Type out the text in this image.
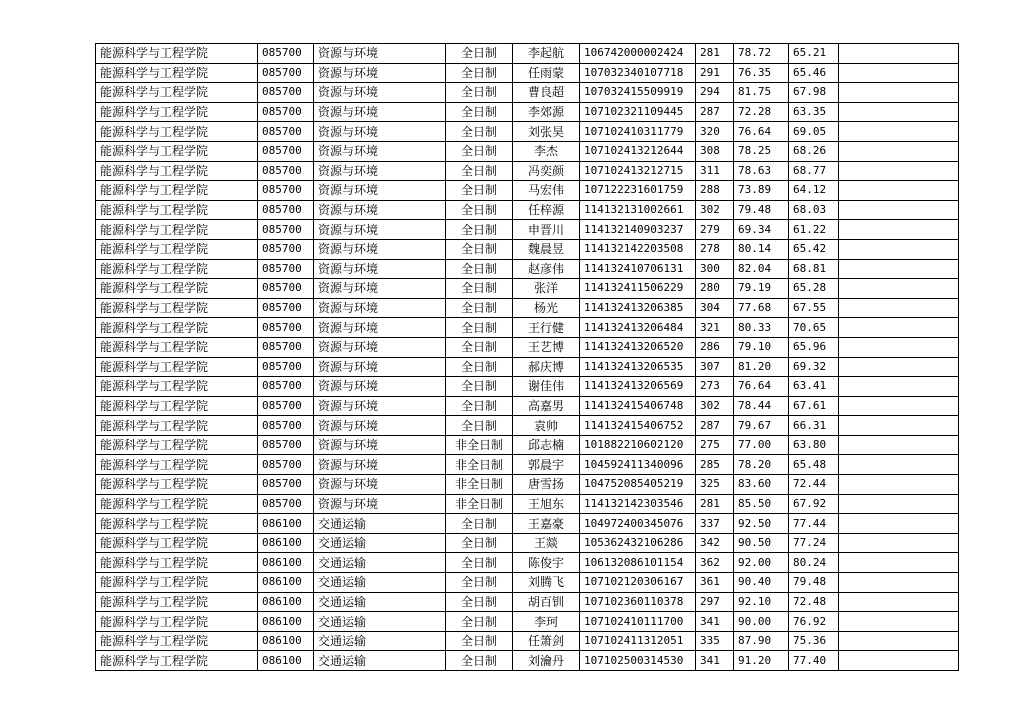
能源科学与工程学院	085700	资源与环境	全日制	李起航	106742000002424	281	78.72	65.21	
能源科学与工程学院	085700	资源与环境	全日制	任雨蒙	107032340107718	291	76.35	65.46	
能源科学与工程学院	085700	资源与环境	全日制	曹良超	107032415509919	294	81.75	67.98	
能源科学与工程学院	085700	资源与环境	全日制	李郊源	107102321109445	287	72.28	63.35	
能源科学与工程学院	085700	资源与环境	全日制	刘张昊	107102410311779	320	76.64	69.05	
能源科学与工程学院	085700	资源与环境	全日制	李杰	107102413212644	308	78.25	68.26	
能源科学与工程学院	085700	资源与环境	全日制	冯奕颜	107102413212715	311	78.63	68.77	
能源科学与工程学院	085700	资源与环境	全日制	马宏伟	107122231601759	288	73.89	64.12	
能源科学与工程学院	085700	资源与环境	全日制	任梓源	114132131002661	302	79.48	68.03	
能源科学与工程学院	085700	资源与环境	全日制	申晋川	114132140903237	279	69.34	61.22	
能源科学与工程学院	085700	资源与环境	全日制	魏晨昱	114132142203508	278	80.14	65.42	
能源科学与工程学院	085700	资源与环境	全日制	赵彦伟	114132410706131	300	82.04	68.81	
能源科学与工程学院	085700	资源与环境	全日制	张洋	114132411506229	280	79.19	65.28	
能源科学与工程学院	085700	资源与环境	全日制	杨光	114132413206385	304	77.68	67.55	
能源科学与工程学院	085700	资源与环境	全日制	王行健	114132413206484	321	80.33	70.65	
能源科学与工程学院	085700	资源与环境	全日制	王艺博	114132413206520	286	79.10	65.96	
能源科学与工程学院	085700	资源与环境	全日制	郝庆博	114132413206535	307	81.20	69.32	
能源科学与工程学院	085700	资源与环境	全日制	谢佳伟	114132413206569	273	76.64	63.41	
能源科学与工程学院	085700	资源与环境	全日制	高嘉男	114132415406748	302	78.44	67.61	
能源科学与工程学院	085700	资源与环境	全日制	袁帅	114132415406752	287	79.67	66.31	
能源科学与工程学院	085700	资源与环境	非全日制	邱志楠	101882210602120	275	77.00	63.80	
能源科学与工程学院	085700	资源与环境	非全日制	郭晨宇	104592411340096	285	78.20	65.48	
能源科学与工程学院	085700	资源与环境	非全日制	唐雪扬	104752085405219	325	83.60	72.44	
能源科学与工程学院	085700	资源与环境	非全日制	王旭东	114132142303546	281	85.50	67.92	
能源科学与工程学院	086100	交通运输	全日制	王嘉豪	104972400345076	337	92.50	77.44	
能源科学与工程学院	086100	交通运输	全日制	王燚	105362432106286	342	90.50	77.24	
能源科学与工程学院	086100	交通运输	全日制	陈俊宇	106132086101154	362	92.00	80.24	
能源科学与工程学院	086100	交通运输	全日制	刘腾飞	107102120306167	361	90.40	79.48	
能源科学与工程学院	086100	交通运输	全日制	胡百钏	107102360110378	297	92.10	72.48	
能源科学与工程学院	086100	交通运输	全日制	李珂	107102410111700	341	90.00	76.92	
能源科学与工程学院	086100	交通运输	全日制	任箫剑	107102411312051	335	87.90	75.36	
能源科学与工程学院	086100	交通运输	全日制	刘瀹丹	107102500314530	341	91.20	77.40	
